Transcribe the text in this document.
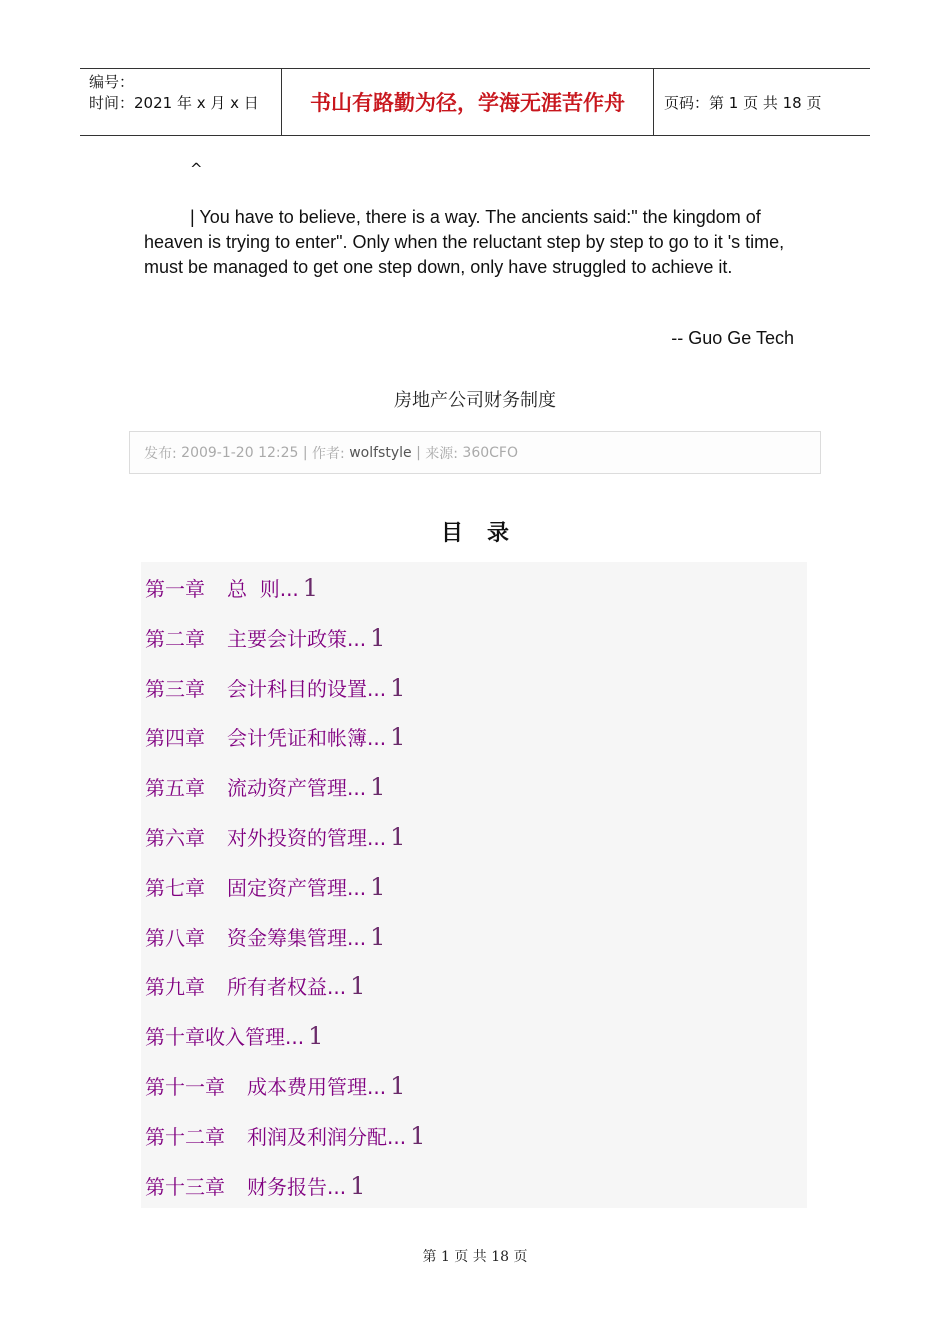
编号：
时间：2021 年 x 月 x 日	书山有路勤为径，学海无涯苦作舟	页码：第 1 页 共 18 页
^
| You have to believe, there is a way. The ancients said:" the kingdom of heaven is trying to enter". Only when the reluctant step by step to go to it 's time, must be managed to get one step down, only have struggled to achieve it.
-- Guo Ge Tech
房地产公司财务制度
发布:
2009-1-20 12:25 | 作者:
wolfstyle | 来源:
360CFO
目录
第一章 总  则... 1
第二章 主要会计政策... 1
第三章 会计科目的设置... 1
第四章 会计凭证和帐簿... 1
第五章 流动资产管理... 1
第六章 对外投资的管理... 1
第七章 固定资产管理... 1
第八章 资金筹集管理... 1
第九章 所有者权益... 1
第十章收入管理... 1
第十一章 成本费用管理... 1
第十二章 利润及利润分配... 1
第十三章 财务报告... 1
第 1 页 共 18 页
